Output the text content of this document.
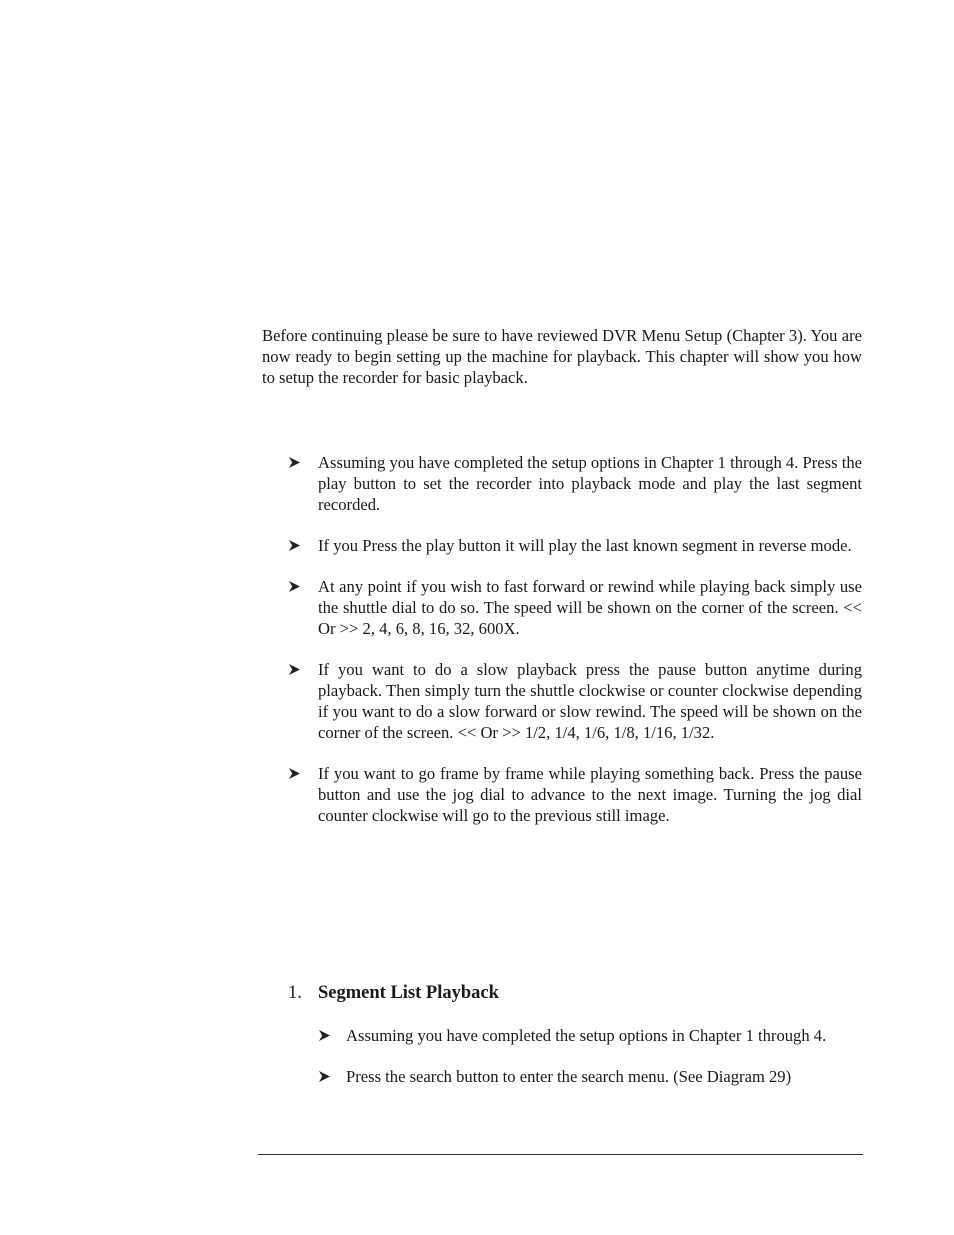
Before continuing please be sure to have reviewed DVR Menu Setup (Chapter 3). You are now ready to begin setting up the machine for playback. This chapter will show you how to setup the recorder for basic playback.

Assuming you have completed the setup options in Chapter 1 through 4. Press the play button to set the recorder into playback mode and play the last segment recorded.
If you Press the play button it will play the last known segment in reverse mode.
At any point if you wish to fast forward or rewind while playing back simply use the shuttle dial to do so. The speed will be shown on the corner of the screen. << Or >> 2, 4, 6, 8, 16, 32, 600X.
If you want to do a slow playback press the pause button anytime during playback. Then simply turn the shuttle clockwise or counter clockwise depending if you want to do a slow forward or slow rewind. The speed will be shown on the corner of the screen. << Or >> 1/2, 1/4, 1/6, 1/8, 1/16, 1/32.
If you want to go frame by frame while playing something back. Press the pause button and use the jog dial to advance to the next image. Turning the jog dial counter clockwise will go to the previous still image.
1. Segment List Playback
Assuming you have completed the setup options in Chapter 1 through 4.
Press the search button to enter the search menu. (See Diagram 29)
